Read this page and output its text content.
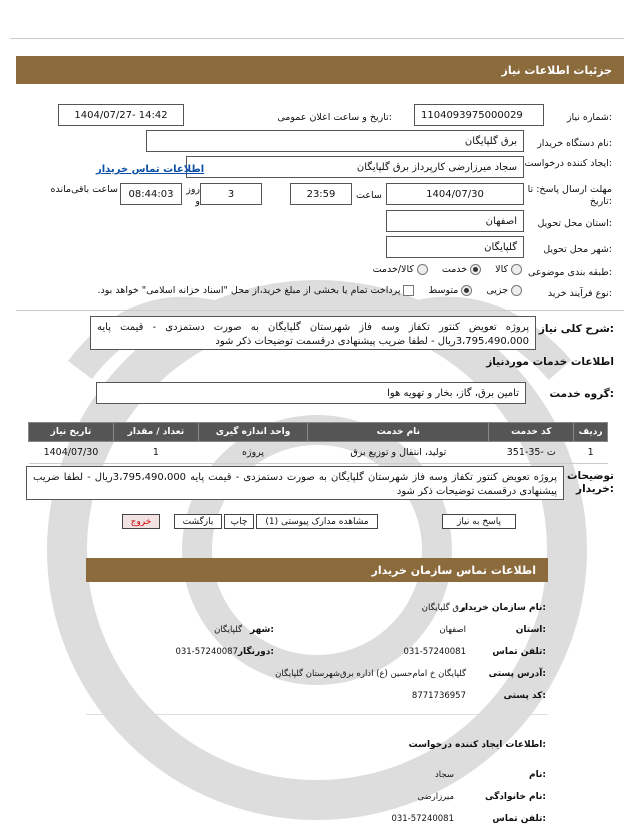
جزئیات اطلاعات نیاز
شماره نیاز:
1104093975000029
تاریخ و ساعت اعلان عمومی:
1404/07/27- 14:42
نام دستگاه خریدار:
برق گلپایگان
ایجاد کننده درخواست:
سجاد میرزارضی کارپرداز برق گلپایگان
اطلاعات تماس خریدار
مهلت ارسال پاسخ: تا تاریخ:
1404/07/30
ساعت
23:59
3
روز و
08:44:03
ساعت باقی‌مانده
استان محل تحویل:
اصفهان
شهر محل تحویل:
گلپایگان
طبقه بندی موضوعی:
کالا
خدمت
کالا/خدمت
نوع فرآیند خرید:
جزیی
متوسط
پرداخت تمام یا بخشی از مبلغ خرید،از محل "اسناد خزانه اسلامی" خواهد بود.
شرح کلی نیاز:
پروژه تعویض کنتور تکفاز وسه فاز شهرستان گلپایگان به صورت دستمزدی - قیمت پایه 3،795،490،000ریال - لطفا ضریب پیشنهادی درقسمت توضیحات ذکر شود
اطلاعات خدمات موردنیاز
گروه خدمت:
تامین برق، گاز، بخار و تهویه هوا
ردیف	کد خدمت	نام خدمت	واحد اندازه گیری	تعداد / مقدار	تاریخ نیاز
1	ت -35-351	تولید، انتقال و توزیع برق	پروژه	1	1404/07/30
توضیحات خریدار:
پروژه تعویض کنتور تکفاز وسه فاز شهرستان گلپایگان به صورت دستمزدی - قیمت پایه 3،795،490،000ریال - لطفا ضریب پیشنهادی درقسمت توضیحات ذکر شود
پاسخ به نیاز
مشاهده مدارک پیوستی (1)
چاپ
بازگشت
خروج
اطلاعات تماس سازمان خریدار
نام سازمان خریدار:
برق گلپایگان
استان:
اصفهان
شهر:
گلپایگان
تلفن تماس:
031-57240081
دورنگار:
031-57240087
آدرس پستی:
گلپایگان خ امام‌حسین (ع) اداره برق‌شهرستان گلپایگان
کد پستی:
8771736957
اطلاعات ایجاد کننده درخواست:
نام:
سجاد
نام خانوادگی:
میرزارضی
تلفن تماس:
031-57240081
